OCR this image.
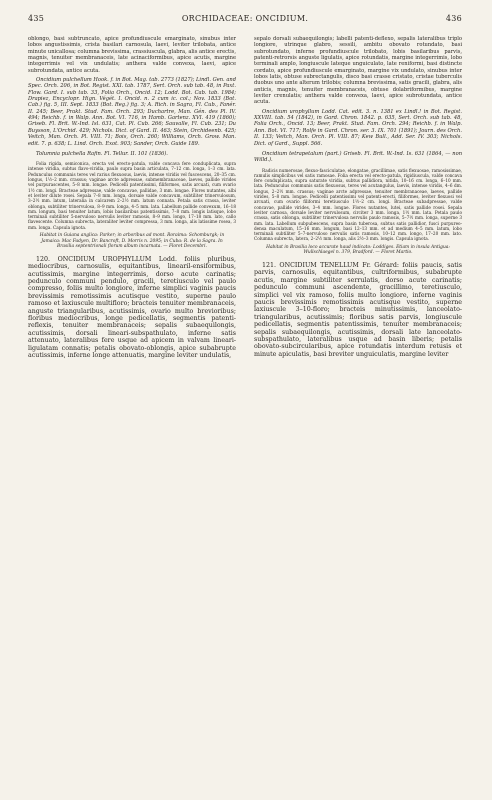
435	ORCHIDACEAE: ONCIDIUM.	436

oblongo, basi subtruncato, apice profundiuscule emarginato, sinubus inter lobos angustissimis, crista basilari carnosula, laevi, leviter trilobata, antice minute unicallosa; columna brevissima, crassiuscula, glabra, alis antice erectis, magnis, tenuiter membranaceis, late acinaciformibus, apice acutis, margine integerrimis vel vix undulatis; anthera valde convexa, laevi, apice subrotundata, antice acuta.

Oncidium pulchellum Hook. f. in Bot. Mag. tab. 2773 (1827); Lindl. Gen. and Spec. Orch. 206, in Bot. Regist. XXI. tab. 1787, Sert. Orch. sub tab. 48, in Paxt. Flow. Gard. I. sub tab. 33, Folia Orch., Oncid. 12; Lodd. Bot. Cab. tab. 1984; Drapiez, Encyclopr. Hign. Végét. I. Oncid. n. 2 cum ic. col.; Nov. 1833 (Bot. Cab.) fig. 5, III. Sept. 1833 (Bot. Reg.) fig. 3; A. Rich. in Sagra, Fl. Cub., Fanér. II. 245; Beer, Prakt. Stud. Fam. Orch. 293; Duchartre, Man. Gén. des Pl. IV. 494; Reichb. f. in Walp. Ann. Bot. VI. 716, in Hamb. Gartenz. XVI. 419 (1860); Griseb. Fl. Brit. W.-Ind. Isl. 631, Cat. Pl. Cub. 266; Sauvalle, Fl. Cub. 231; Du Buysson, L'Orchid. 429; Nichols. Dict. of Gard. II. 463; Stein, Orchideenb. 425; Veitch, Man. Orch. Pl. VIII. 71; Bois, Orch. 260; Williams, Orch. Grow. Man. edit. 7. p. 638; L. Lind. Orch. Exot. 903; Sander, Orch. Guide 189.

Tolumnia pulchella Rafin. Fl. Tellur. II. 101 (1836).

Folia rigida, semiconica, erecta vel erecto-patula, valde concava fere conduplicata, supra intense viridia, subtus flavo-viridia, paulo supra basin articulata, 7–12 cm. longa, 1–3 cm. lata. Pedunculus communis teres vel rarius flexuosus, laevis, intense viridis vel fuscescens, 20–35 cm. longus, 1½–2 mm. crassus; vaginae arcte adpressae, submembranaceae, laeves, pallide virides vel purpurascentes, 5–8 mm. longae. Pedicelli patentissimi, filiformes, satis arcuati, cum ovario 1½ cm. longi. Bracteae adpressae, valde concavae, pallidae, 3 mm. longae. Flores nutantes, albi et leviter dilute rosei. Sepala 7–8 mm. longa, dorsale valde concavum, subtiliter trinervulosum, 3–2½ mm. latum, lateralia in calcarem 2–2½ mm. latum connata. Petala satis crassa, leviter oblonga, subtiliter trinervulosa, 8–9 mm. longa, 4–5 mm. lata. Labellum pallide convexum, 16–18 mm. longum, basi tenuiter latum, lobis basilaribus patentissimis, 7–8 mm. longis latisque, lobo terminali subtiliter 5-nervuloso nervulis leviter ramosis, 8–9 mm. longo, 17–18 mm. lato, callo flavescente. Columna subrecta, lateraliter leviter compressa, 3 mm. longa, alis latissime rosea, 3 mm. longa. Capsula ignota.

Habitat in Guiana anglica: Parker; in arboribus ad mont. Roraima: Schomburgk; in Jamaica: Mac Fadyen, Dr. Bancroft, D. Morris n. 2095; in Cuba: R. de la Sagra. In Brasilia septentrionali florum album incarnata. — Floret Decembri.

120. ONCIDIUM UROPHYLLUM Lodd. foliis pluribus, mediocribus, carnosulis, equitantibus, linearil-ensiformibus, acutissimis, margine integerrimis, dorso acute carinatis; pedunculo communi pendulo, gracili, teretiusculo vel paulo compresso, foliis multo longiore, inferne simplici vaginis paucis brevissimis remotissimis acutisque vestito, superne paulo ramoso et laxiuscule multifloro; bracteis tenuiter membranaceis, anguste triangularibus, acutissimis, ovario multo brevioribus; floribus mediocribus, longe pedicellatis, segmentis patenti-reflexis, tenuiter membranaceis; sepalis subaequilongis, acutissimis, dorsali lineari-subspathulato, inferne satis attenuato, lateralibus fere usque ad apicem in valvam lineari-ligulatam connatis; petalis obovato-oblongis, apice subabrupte acutissimis, inferne longe attenuatis, margine leviter undulatis,

sepalo dorsali subaequilongis; labelli patenti-deflexo, sepalis lateralibus triplo longiore, utrinque glabro, sessili, ambitu obovato rotundato, basi subrotundato, inferne profundiuscule trilobato, lobis basilaribus parvis, patenti-retrorsis anguste ligulatis, apice rotundatis, margine integerrimis, lobo terminali amplo, longiuscule lateque unguiculato, late reniformi, basi distincte cordato, apice profundiuscule emarginato, margine vix undulato, sinubus inter lobos latis, obtuse subrectangulis, disco basi crasse cristato, cristae tuberculis duobus uno ante alterum trilobis; columna brevissima, satis gracili, glabra, alis anticis, magnis, tenuiter membranaceis, obtuse dolabriformibus, margine leviter crenulatis; anthera valde convexa, laevi, apice subrotundata, antice acuta.

Oncidium urophyllum Lodd. Cat. edit. 3. n. 1381 ex Lindl.! in Bot. Regist. XXVIII. tab. 54 (1842), in Gard. Chron. 1842. p. 635, Sert. Orch. sub tab. 48, Folia Orch., Oncid. 13; Beer, Prakt. Stud. Fam. Orch. 294; Reichb. f. in Walp. Ann. Bot. VI. 717; Rolfe in Gard. Chron. ser. 3. IX. 701 (1891); Journ. des Orch. II. 133; Veitch, Man. Orch. Pl. VIII. 87; Kew Bull., Add. Ser. IV. 303; Nichols. Dict. of Gard., Suppl. 566.

Oncidium tetrapetalum (part.) Griseb. Fl. Brit. W.-Ind. Is. 631 (1864, — non Willd.).

Radicis numerosae, flexuo-fasciculatae, elongatae, gracillimae, satis flexuosae, ramosissimae, ramulis simplicibus vel satis ramosae. Folia erecta vel erecto-patula, rigidiuscula, valde concava fere conduplicata, supra saturate viridia, subtus pallidiora, nitida, 10–16 cm. longa, 6–10 mm. lata. Pedunculus communis satis flexuosus, teres vel acutangulus, laevis, intense viridis, 4–6 dm. longus, 2–2½ mm. crassus; vaginae arcte adpressae, tenuiter membranaceae, laeves, pallide virides, 5–8 mm. longae. Pedicelli patentissimi vel patenti-erecti, filiformes, leviter flexuosi vel arcuati, cum ovario filiformi teretiusculo 1½–2 cm. longi. Bracteae subadpressae, valde concavae, pallide virides, 3–4 mm. longae. Flores nutantes, lutei, satis pallide rosei. Sepala leviter carnosa, dorsale leviter nervulosum, circiter 3 mm. longa, 1½ mm. lata. Petala paulo crassa, satis oblonga, subtiliter trinervulosa nervulis paulo ramosis, 5–7½ mm. longa, superne 3 mm. lata. Labellum subpubescens, supra basin tuberosa, subtus satis pallidior, fusci purpureo-densa maculatum, 15–16 mm. longum, basi 12–13 mm. et ad medium 4–5 mm. latum, lobo terminali subtiliter 5–7-nervuloso nervulis satis ramosis, 10–12 mm. longo, 17–20 mm. lato. Columna subrecta, latera, 2–2½ mm. longa, alis 2½–3 mm. longis. Capsula ignota.

Habitat in Brasilia loco accurate haud indicato: Loddiges. Etiam in insula Antigua: Wullschlaegel n. 379, Bradford. — Floret Martio.

121. ONCIDIUM TENELLUM Fr. Gérard: foliis paucis, satis parvis, carnosulis, equitantibus, cultriformibus, subabrupte acutis, margine subtiliter serrulatis, dorso acute carinatis; pedunculo communi ascendente, gracillimo, teretiusculo, simplici vel vix ramoso, foliis multo longiore, inferne vaginis paucis brevissimis remotissimis acutisque vestito, superne laxiuscule 3–10-floro; bracteis minutissimis, lanceolato-triangularibus, acutissimis; floribus satis parvis, longiuscule pedicellatis, segmentis patentissimis, tenuiter membranaceis; sepalis subaequilongis, acutissimis, dorsali late lanceolato-subspathulato, lateralibus usque ad basin liberis; petalis obovato-subcircularibus, apice rotundatis interdum retusis et minute apiculatis, basi breviter unguiculatis, margine leviter
